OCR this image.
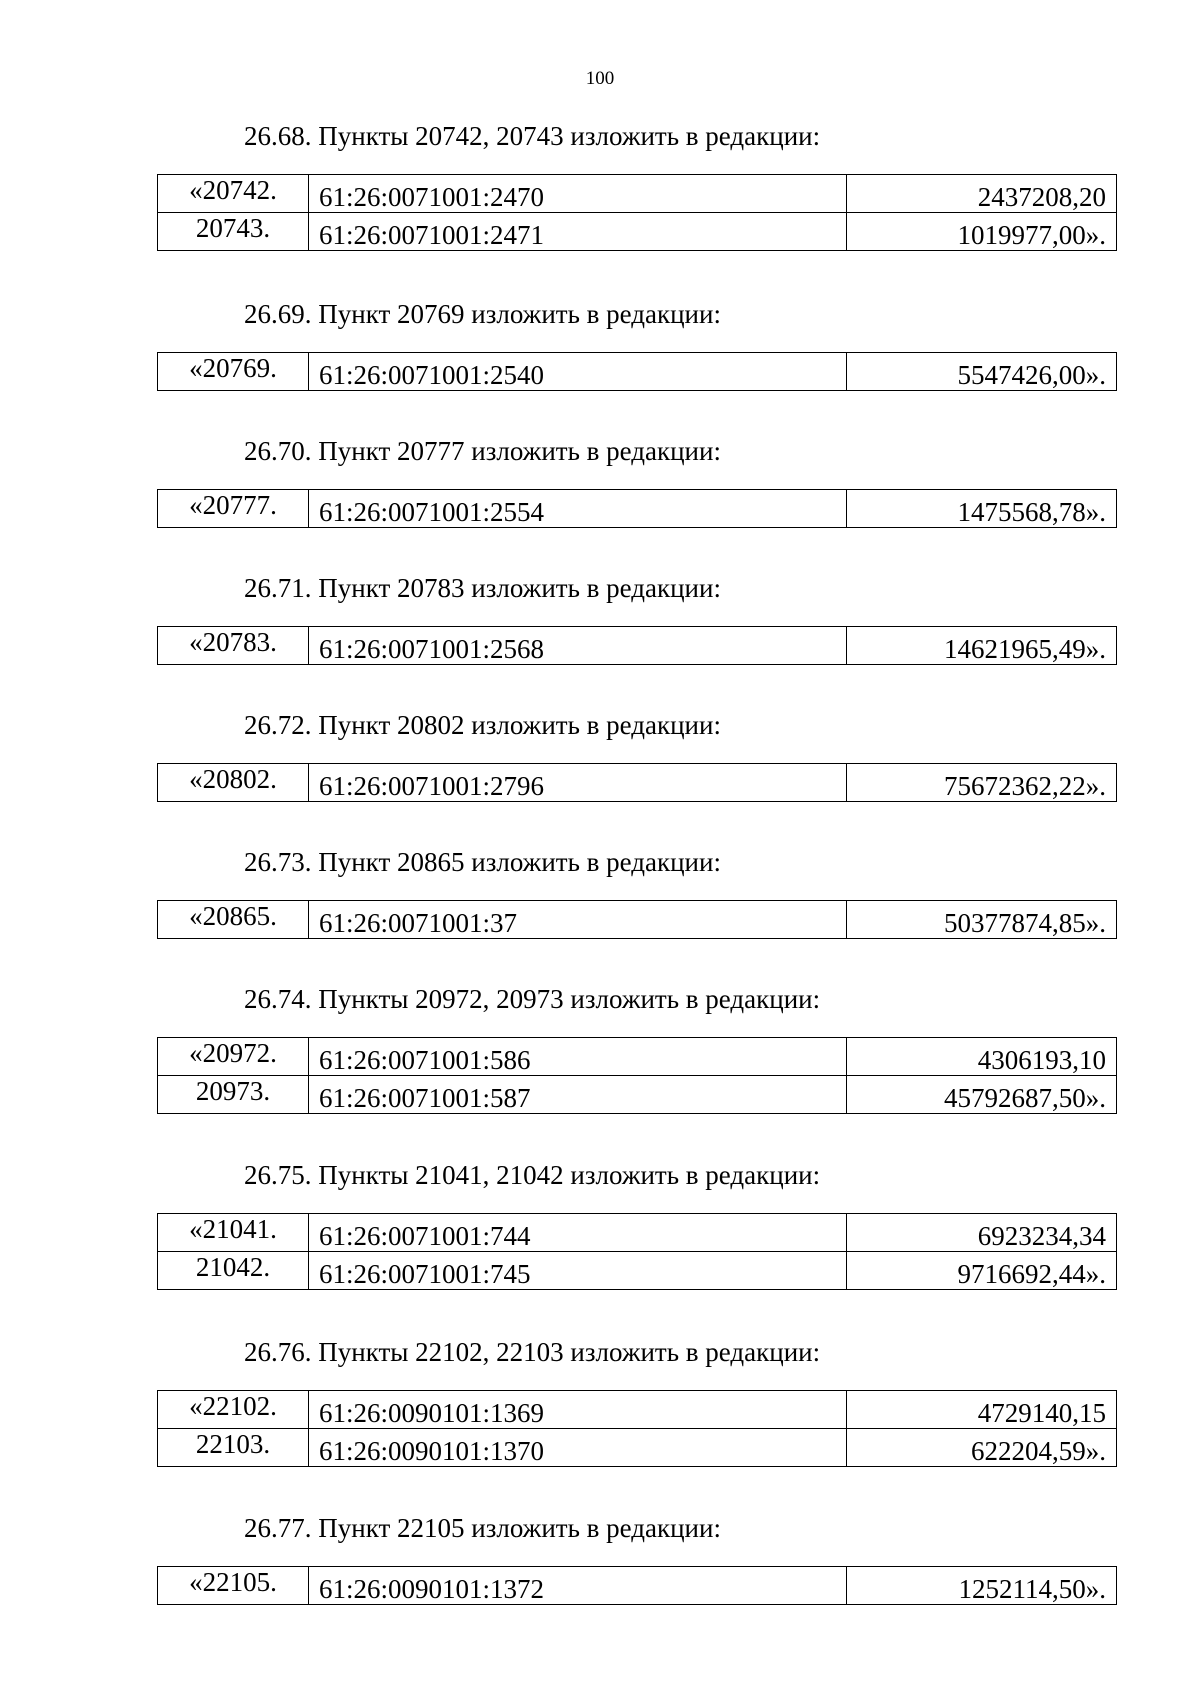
100
26.68. Пункты 20742, 20743 изложить в редакции:
«20742.	61:26:0071001:2470	2437208,20
20743.	61:26:0071001:2471	1019977,00».
26.69. Пункт 20769 изложить в редакции:
«20769.	61:26:0071001:2540	5547426,00».
26.70. Пункт 20777 изложить в редакции:
«20777.	61:26:0071001:2554	1475568,78».
26.71. Пункт 20783 изложить в редакции:
«20783.	61:26:0071001:2568	14621965,49».
26.72. Пункт 20802 изложить в редакции:
«20802.	61:26:0071001:2796	75672362,22».
26.73. Пункт 20865 изложить в редакции:
«20865.	61:26:0071001:37	50377874,85».
26.74. Пункты 20972, 20973 изложить в редакции:
«20972.	61:26:0071001:586	4306193,10
20973.	61:26:0071001:587	45792687,50».
26.75. Пункты 21041, 21042 изложить в редакции:
«21041.	61:26:0071001:744	6923234,34
21042.	61:26:0071001:745	9716692,44».
26.76. Пункты 22102, 22103 изложить в редакции:
«22102.	61:26:0090101:1369	4729140,15
22103.	61:26:0090101:1370	622204,59».
26.77. Пункт 22105 изложить в редакции:
«22105.	61:26:0090101:1372	1252114,50».
